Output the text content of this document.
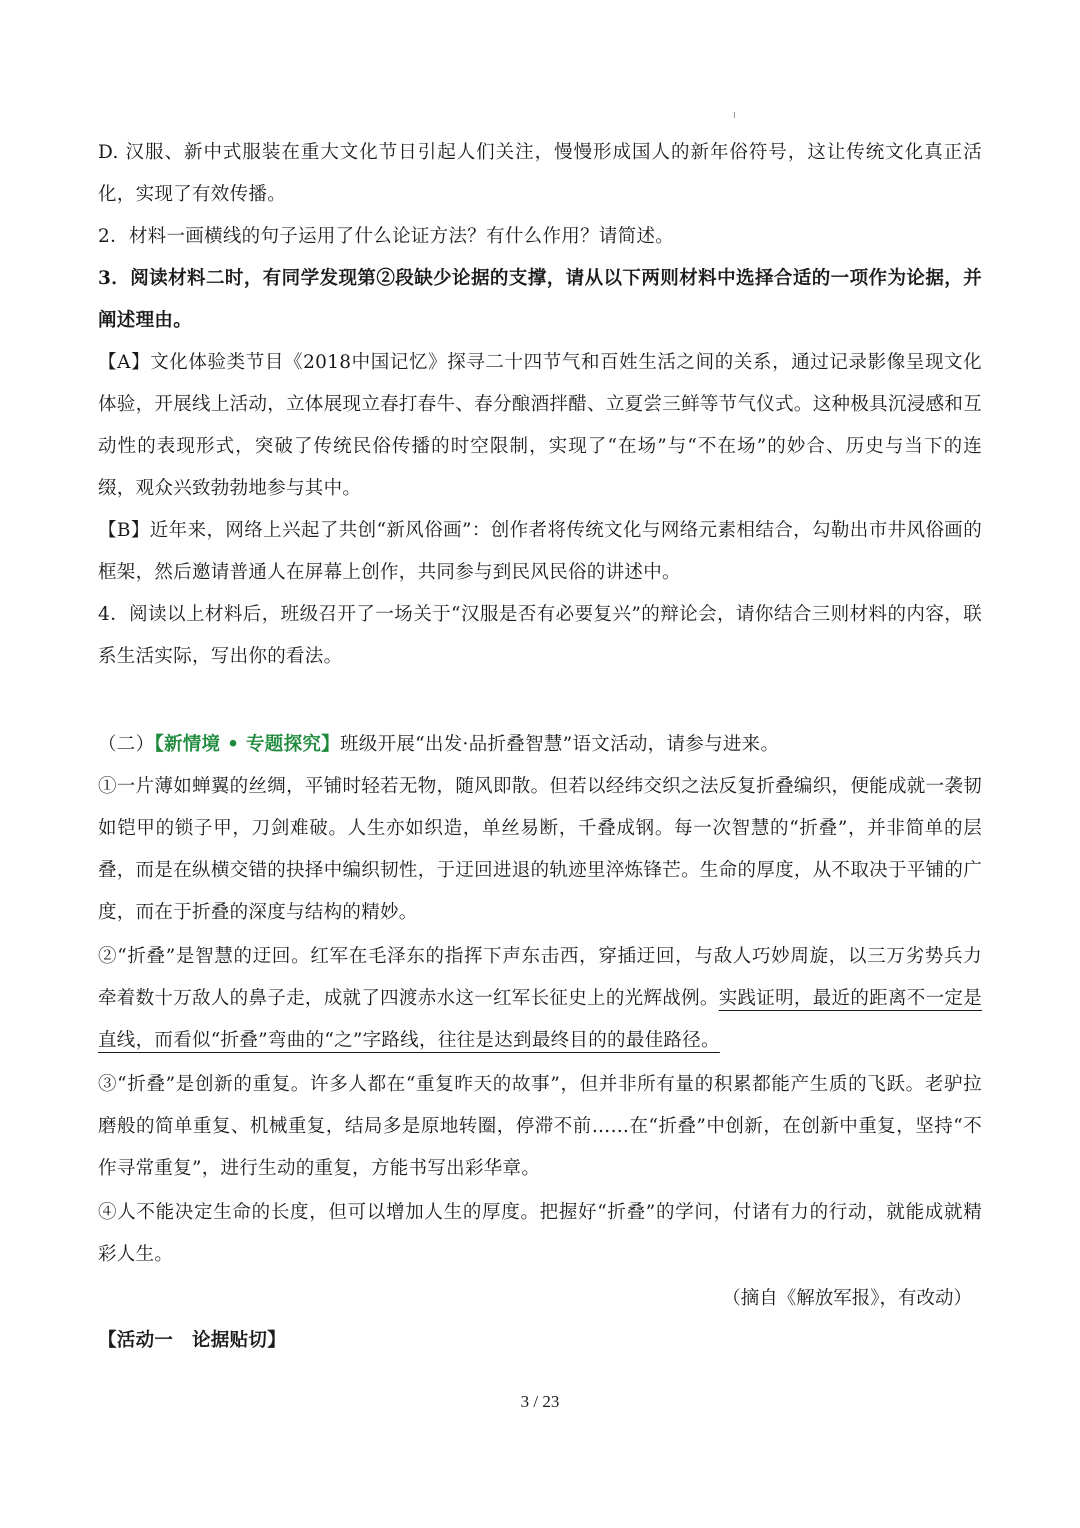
D. 汉服、新中式服装在重大文化节日引起人们关注，慢慢形成国人的新年俗符号，这让传统文化真正活化，实现了有效传播。
2．材料一画横线的句子运用了什么论证方法？有什么作用？请简述。
3．阅读材料二时，有同学发现第②段缺少论据的支撑，请从以下两则材料中选择合适的一项作为论据，并阐述理由。
【A】文化体验类节目《2018中国记忆》探寻二十四节气和百姓生活之间的关系，通过记录影像呈现文化体验，开展线上活动，立体展现立春打春牛、春分酿酒拌醋、立夏尝三鲜等节气仪式。这种极具沉浸感和互动性的表现形式，突破了传统民俗传播的时空限制，实现了“在场”与“不在场”的妙合、历史与当下的连缀，观众兴致勃勃地参与其中。
【B】近年来，网络上兴起了共创“新风俗画”：创作者将传统文化与网络元素相结合，勾勒出市井风俗画的框架，然后邀请普通人在屏幕上创作，共同参与到民风民俗的讲述中。
4．阅读以上材料后，班级召开了一场关于“汉服是否有必要复兴”的辩论会，请你结合三则材料的内容，联系生活实际，写出你的看法。
（二）【新情境 • 专题探究】班级开展“出发·品折叠智慧”语文活动，请参与进来。
①一片薄如蝉翼的丝绸，平铺时轻若无物，随风即散。但若以经纬交织之法反复折叠编织，便能成就一袭韧如铠甲的锁子甲，刀剑难破。人生亦如织造，单丝易断，千叠成钢。每一次智慧的“折叠”，并非简单的层叠，而是在纵横交错的抉择中编织韧性，于迂回进退的轨迹里淬炼锋芒。生命的厚度，从不取决于平铺的广度，而在于折叠的深度与结构的精妙。
②“折叠”是智慧的迂回。红军在毛泽东的指挥下声东击西，穿插迂回，与敌人巧妙周旋，以三万劣势兵力牵着数十万敌人的鼻子走，成就了四渡赤水这一红军长征史上的光辉战例。实践证明，最近的距离不一定是直线，而看似“折叠”弯曲的“之”字路线，往往是达到最终目的的最佳路径。
③“折叠”是创新的重复。许多人都在“重复昨天的故事”，但并非所有量的积累都能产生质的飞跃。老驴拉磨般的简单重复、机械重复，结局多是原地转圈，停滞不前……在“折叠”中创新，在创新中重复，坚持“不作寻常重复”，进行生动的重复，方能书写出彩华章。
④人不能决定生命的长度，但可以增加人生的厚度。把握好“折叠”的学问，付诸有力的行动，就能成就精彩人生。
（摘自《解放军报》，有改动）
【活动一　论据贴切】
3 / 23
